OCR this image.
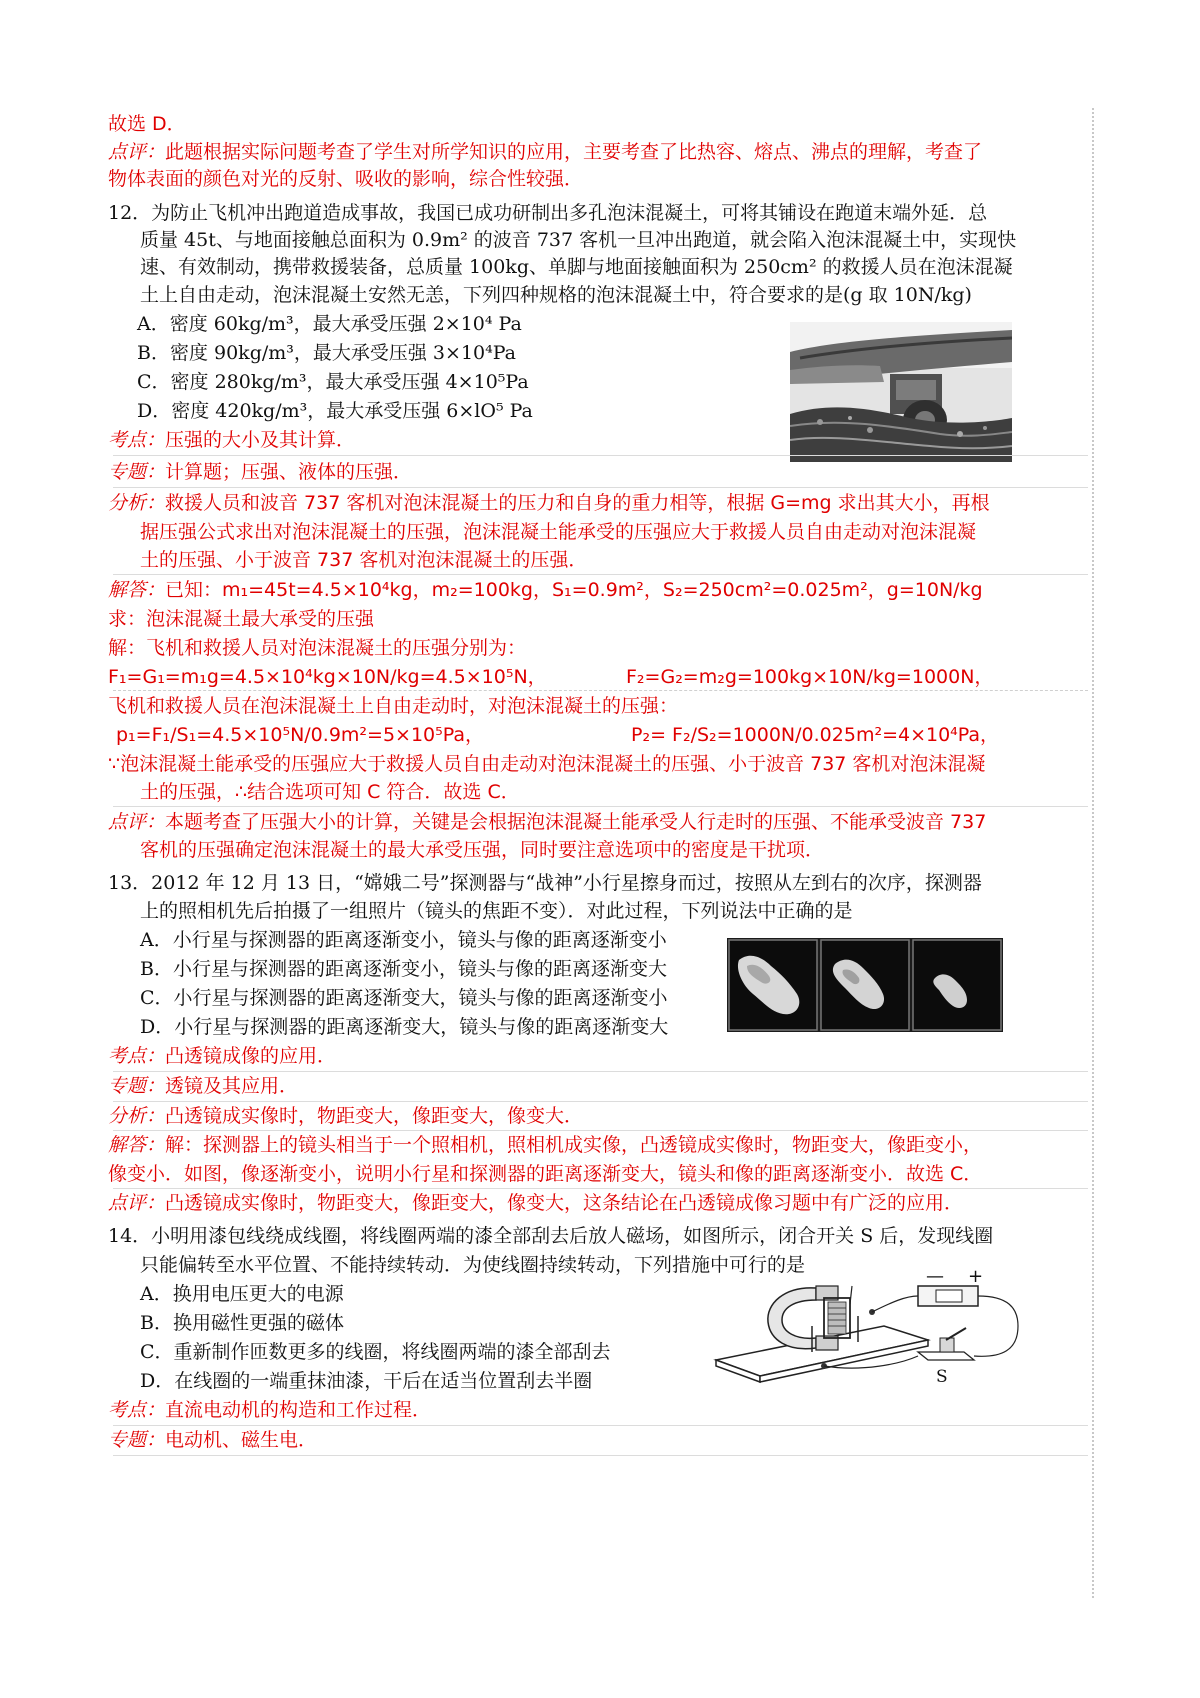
故选 D．
点评：此题根据实际问题考查了学生对所学知识的应用，主要考查了比热容、熔点、沸点的理解，考查了
物体表面的颜色对光的反射、吸收的影响，综合性较强．
12．为防止飞机冲出跑道造成事故，我国已成功研制出多孔泡沫混凝土，可将其铺设在跑道末端外延．总
质量 45t、与地面接触总面积为 0.9m² 的波音 737 客机一旦冲出跑道，就会陷入泡沫混凝土中，实现快
速、有效制动，携带救援装备，总质量 100kg、单脚与地面接触面积为 250cm² 的救援人员在泡沫混凝
土上自由走动，泡沫混凝土安然无恙，下列四种规格的泡沫混凝土中，符合要求的是(g 取 10N/kg)
A．密度 60kg/m³，最大承受压强 2×10⁴ Pa
B．密度 90kg/m³，最大承受压强 3×10⁴Pa
C．密度 280kg/m³，最大承受压强 4×10⁵Pa
D．密度 420kg/m³，最大承受压强 6×lO⁵ Pa
考点：压强的大小及其计算．
专题：计算题；压强、液体的压强．
分析：救援人员和波音 737 客机对泡沫混凝土的压力和自身的重力相等，根据 G=mg 求出其大小，再根
据压强公式求出对泡沫混凝土的压强，泡沫混凝土能承受的压强应大于救援人员自由走动对泡沫混凝
土的压强、小于波音 737 客机对泡沫混凝土的压强．
解答：已知：m₁=45t=4.5×10⁴kg，m₂=100kg，S₁=0.9m²，S₂=250cm²=0.025m²，g=10N/kg
求：泡沫混凝土最大承受的压强
解：飞机和救援人员对泡沫混凝土的压强分别为：
F₁=G₁=m₁g=4.5×10⁴kg×10N/kg=4.5×10⁵N，	F₂=G₂=m₂g=100kg×10N/kg=1000N，
飞机和救援人员在泡沫混凝土上自由走动时，对泡沫混凝土的压强：
p₁=F₁/S₁=4.5×10⁵N/0.9m²=5×10⁵Pa，	P₂= F₂/S₂=1000N/0.025m²=4×10⁴Pa，
∵泡沫混凝土能承受的压强应大于救援人员自由走动对泡沫混凝土的压强、小于波音 737 客机对泡沫混凝
土的压强，∴结合选项可知 C 符合．故选 C．
点评：本题考查了压强大小的计算，关键是会根据泡沫混凝土能承受人行走时的压强、不能承受波音 737
客机的压强确定泡沫混凝土的最大承受压强，同时要注意选项中的密度是干扰项．
13．2012 年 12 月 13 日，“嫦娥二号”探测器与“战神”小行星擦身而过，按照从左到右的次序，探测器
上的照相机先后拍摄了一组照片（镜头的焦距不变）．对此过程，下列说法中正确的是
A．小行星与探测器的距离逐渐变小，镜头与像的距离逐渐变小
B．小行星与探测器的距离逐渐变小，镜头与像的距离逐渐变大
C．小行星与探测器的距离逐渐变大，镜头与像的距离逐渐变小
D．小行星与探测器的距离逐渐变大，镜头与像的距离逐渐变大
考点：凸透镜成像的应用．
专题：透镜及其应用．
分析：凸透镜成实像时，物距变大，像距变大，像变大．
解答：解：探测器上的镜头相当于一个照相机，照相机成实像，凸透镜成实像时，物距变大，像距变小，
像变小．如图，像逐渐变小，说明小行星和探测器的距离逐渐变大，镜头和像的距离逐渐变小．故选 C．
点评：凸透镜成实像时，物距变大，像距变大，像变大，这条结论在凸透镜成像习题中有广泛的应用．
14．小明用漆包线绕成线圈，将线圈两端的漆全部刮去后放人磁场，如图所示，闭合开关 S 后，发现线圈
只能偏转至水平位置、不能持续转动．为使线圈持续转动，下列措施中可行的是
A．换用电压更大的电源
B．换用磁性更强的磁体
C．重新制作匝数更多的线圈，将线圈两端的漆全部刮去
D．在线圈的一端重抹油漆，干后在适当位置刮去半圈
— +
S
考点：直流电动机的构造和工作过程．
专题：电动机、磁生电．
